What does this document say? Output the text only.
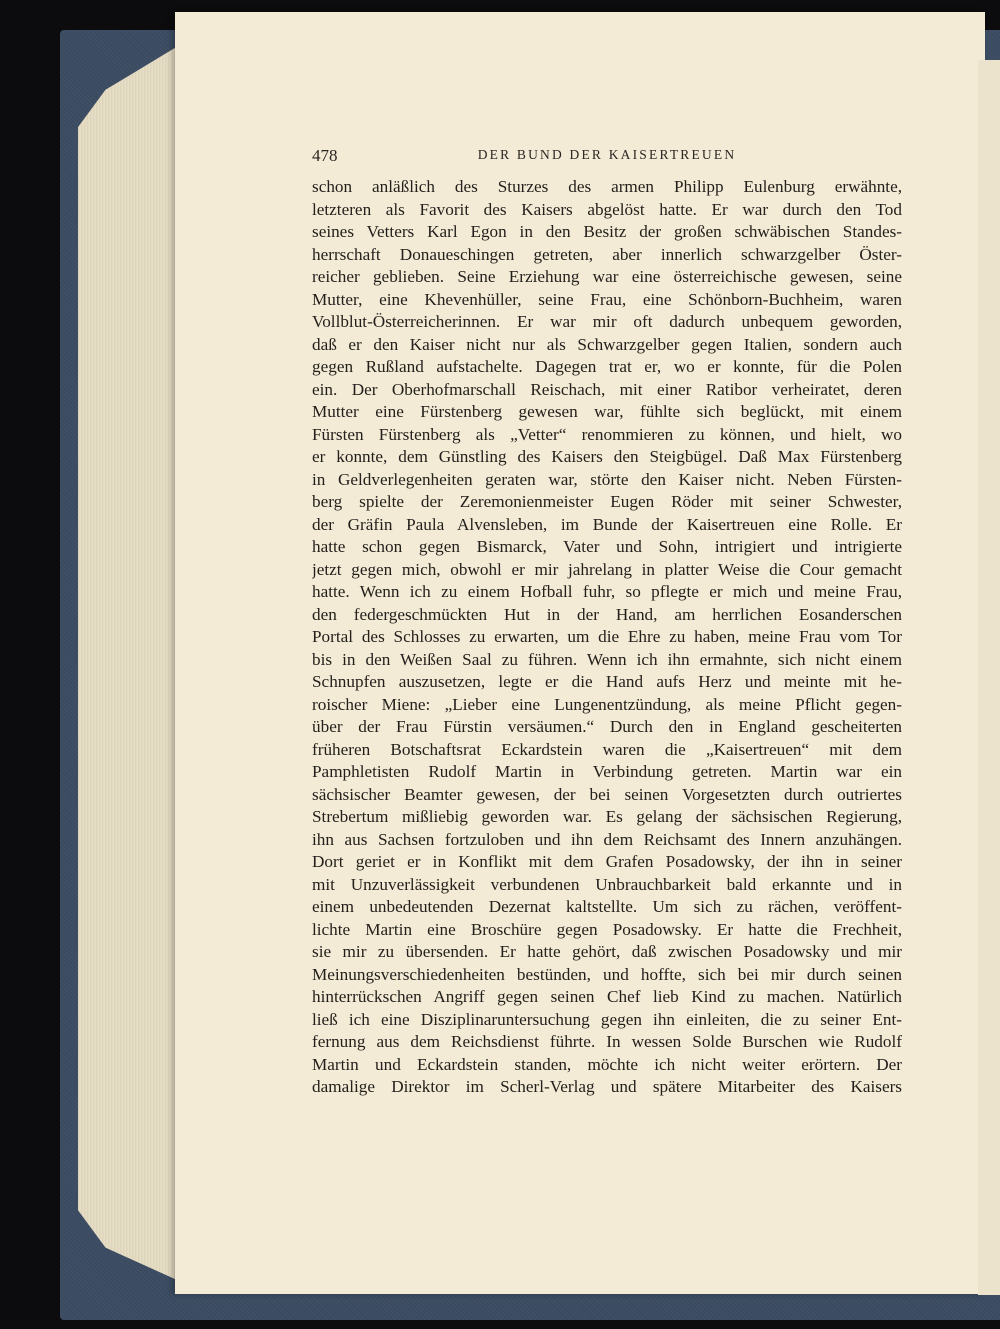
478	DER BUND DER KAISERTREUEN
schon anläßlich des Sturzes des armen Philipp Eulenburg erwähnte,
letzteren als Favorit des Kaisers abgelöst hatte. Er war durch den Tod
seines Vetters Karl Egon in den Besitz der großen schwäbischen Standes-
herrschaft Donaueschingen getreten, aber innerlich schwarzgelber Öster-
reicher geblieben. Seine Erziehung war eine österreichische gewesen, seine
Mutter, eine Khevenhüller, seine Frau, eine Schönborn-Buchheim, waren
Vollblut-Österreicherinnen. Er war mir oft dadurch unbequem geworden,
daß er den Kaiser nicht nur als Schwarzgelber gegen Italien, sondern auch
gegen Rußland aufstachelte. Dagegen trat er, wo er konnte, für die Polen
ein. Der Oberhofmarschall Reischach, mit einer Ratibor verheiratet, deren
Mutter eine Fürstenberg gewesen war, fühlte sich beglückt, mit einem
Fürsten Fürstenberg als „Vetter“ renommieren zu können, und hielt, wo
er konnte, dem Günstling des Kaisers den Steigbügel. Daß Max Fürstenberg
in Geldverlegenheiten geraten war, störte den Kaiser nicht. Neben Fürsten-
berg spielte der Zeremonienmeister Eugen Röder mit seiner Schwester,
der Gräfin Paula Alvensleben, im Bunde der Kaisertreuen eine Rolle. Er
hatte schon gegen Bismarck, Vater und Sohn, intrigiert und intrigierte
jetzt gegen mich, obwohl er mir jahrelang in platter Weise die Cour gemacht
hatte. Wenn ich zu einem Hofball fuhr, so pflegte er mich und meine Frau,
den federgeschmückten Hut in der Hand, am herrlichen Eosanderschen
Portal des Schlosses zu erwarten, um die Ehre zu haben, meine Frau vom Tor
bis in den Weißen Saal zu führen. Wenn ich ihn ermahnte, sich nicht einem
Schnupfen auszusetzen, legte er die Hand aufs Herz und meinte mit he-
roischer Miene: „Lieber eine Lungenentzündung, als meine Pflicht gegen-
über der Frau Fürstin versäumen.“ Durch den in England gescheiterten
früheren Botschaftsrat Eckardstein waren die „Kaisertreuen“ mit dem
Pamphletisten Rudolf Martin in Verbindung getreten. Martin war ein
sächsischer Beamter gewesen, der bei seinen Vorgesetzten durch outriertes
Strebertum mißliebig geworden war. Es gelang der sächsischen Regierung,
ihn aus Sachsen fortzuloben und ihn dem Reichsamt des Innern anzuhängen.
Dort geriet er in Konflikt mit dem Grafen Posadowsky, der ihn in seiner
mit Unzuverlässigkeit verbundenen Unbrauchbarkeit bald erkannte und in
einem unbedeutenden Dezernat kaltstellte. Um sich zu rächen, veröffent-
lichte Martin eine Broschüre gegen Posadowsky. Er hatte die Frechheit,
sie mir zu übersenden. Er hatte gehört, daß zwischen Posadowsky und mir
Meinungsverschiedenheiten bestünden, und hoffte, sich bei mir durch seinen
hinterrückschen Angriff gegen seinen Chef lieb Kind zu machen. Natürlich
ließ ich eine Disziplinaruntersuchung gegen ihn einleiten, die zu seiner Ent-
fernung aus dem Reichsdienst führte. In wessen Solde Burschen wie Rudolf
Martin und Eckardstein standen, möchte ich nicht weiter erörtern. Der
damalige Direktor im Scherl-Verlag und spätere Mitarbeiter des Kaisers
